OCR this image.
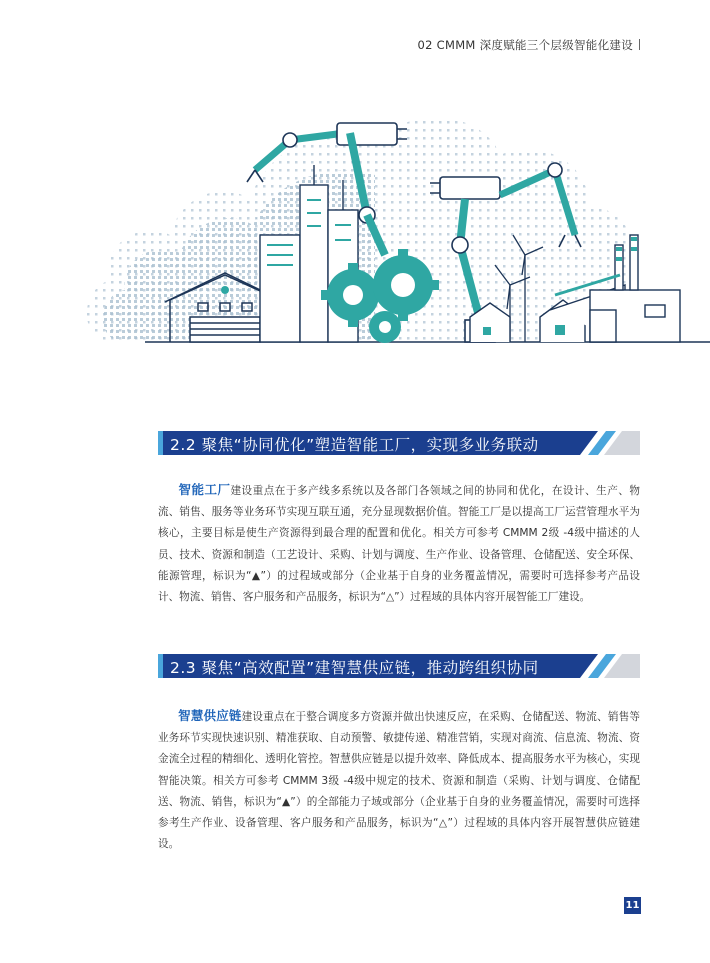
02 CMMM 深度赋能三个层级智能化建设
2.2 聚焦“协同优化”塑造智能工厂，实现多业务联动
智能工厂建设重点在于多产线多系统以及各部门各领域之间的协同和优化，在设计、生产、物流、销售、服务等业务环节实现互联互通，充分显现数据价值。智能工厂是以提高工厂运营管理水平为核心，主要目标是使生产资源得到最合理的配置和优化。相关方可参考 CMMM 2级 -4级中描述的人员、技术、资源和制造（工艺设计、采购、计划与调度、生产作业、设备管理、仓储配送、安全环保、能源管理，标识为“▲”）的过程域或部分（企业基于自身的业务覆盖情况，需要时可选择参考产品设计、物流、销售、客户服务和产品服务，标识为“△”）过程域的具体内容开展智能工厂建设。
2.3 聚焦“高效配置”建智慧供应链，推动跨组织协同
智慧供应链建设重点在于整合调度多方资源并做出快速反应，在采购、仓储配送、物流、销售等业务环节实现快速识别、精准获取、自动预警、敏捷传递、精准营销，实现对商流、信息流、物流、资金流全过程的精细化、透明化管控。智慧供应链是以提升效率、降低成本、提高服务水平为核心，实现智能决策。相关方可参考 CMMM 3级 -4级中规定的技术、资源和制造（采购、计划与调度、仓储配送、物流、销售，标识为“▲”）的全部能力子域或部分（企业基于自身的业务覆盖情况，需要时可选择参考生产作业、设备管理、客户服务和产品服务，标识为“△”）过程域的具体内容开展智慧供应链建设。
11
